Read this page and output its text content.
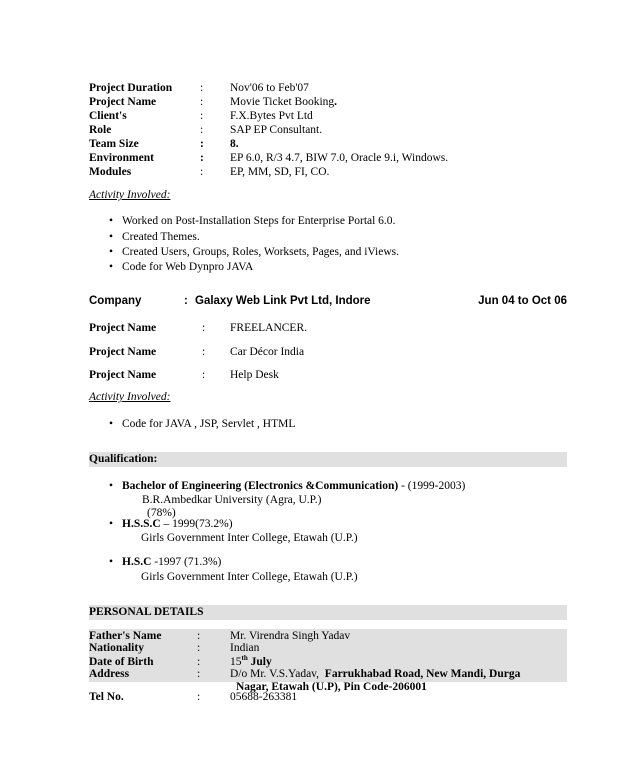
Project Duration : Nov'06 to Feb'07
Project Name	: Movie Ticket Booking.
Client's	: F.X.Bytes Pvt Ltd
Role	: SAP EP Consultant.
Team Size	: 8.
Environment	: EP 6.0, R/3 4.7, BIW 7.0, Oracle 9.i, Windows.
Modules	: EP, MM, SD, FI, CO.
Activity Involved:
• Worked on Post-Installation Steps for Enterprise Portal 6.0.
• Created Themes.
• Created Users, Groups, Roles, Worksets, Pages, and iViews.
• Code for Web Dynpro JAVA
Company	: Galaxy Web Link Pvt Ltd, Indore	Jun 04 to Oct 06
Project Name	: FREELANCER.
Project Name	: Car Décor India
Project Name	: Help Desk
Activity Involved:
• Code for JAVA , JSP, Servlet , HTML
Qualification:
• Bachelor of Engineering (Electronics &Communication) - (1999-2003)
B.R.Ambedkar University (Agra, U.P.)
(78%)
• H.S.S.C – 1999(73.2%)
Girls Government Inter College, Etawah (U.P.)
• H.S.C -1997 (71.3%)
Girls Government Inter College, Etawah (U.P.)
PERSONAL DETAILS
Father's Name	:	Mr. Virendra Singh Yadav
Nationality	:	Indian
Date of Birth	:	15th July
Address	:	D/o Mr. V.S.Yadav, Farrukhabad Road, New Mandi, Durga
Nagar, Etawah (U.P), Pin Code-206001
Tel No.	:	05688-263381
